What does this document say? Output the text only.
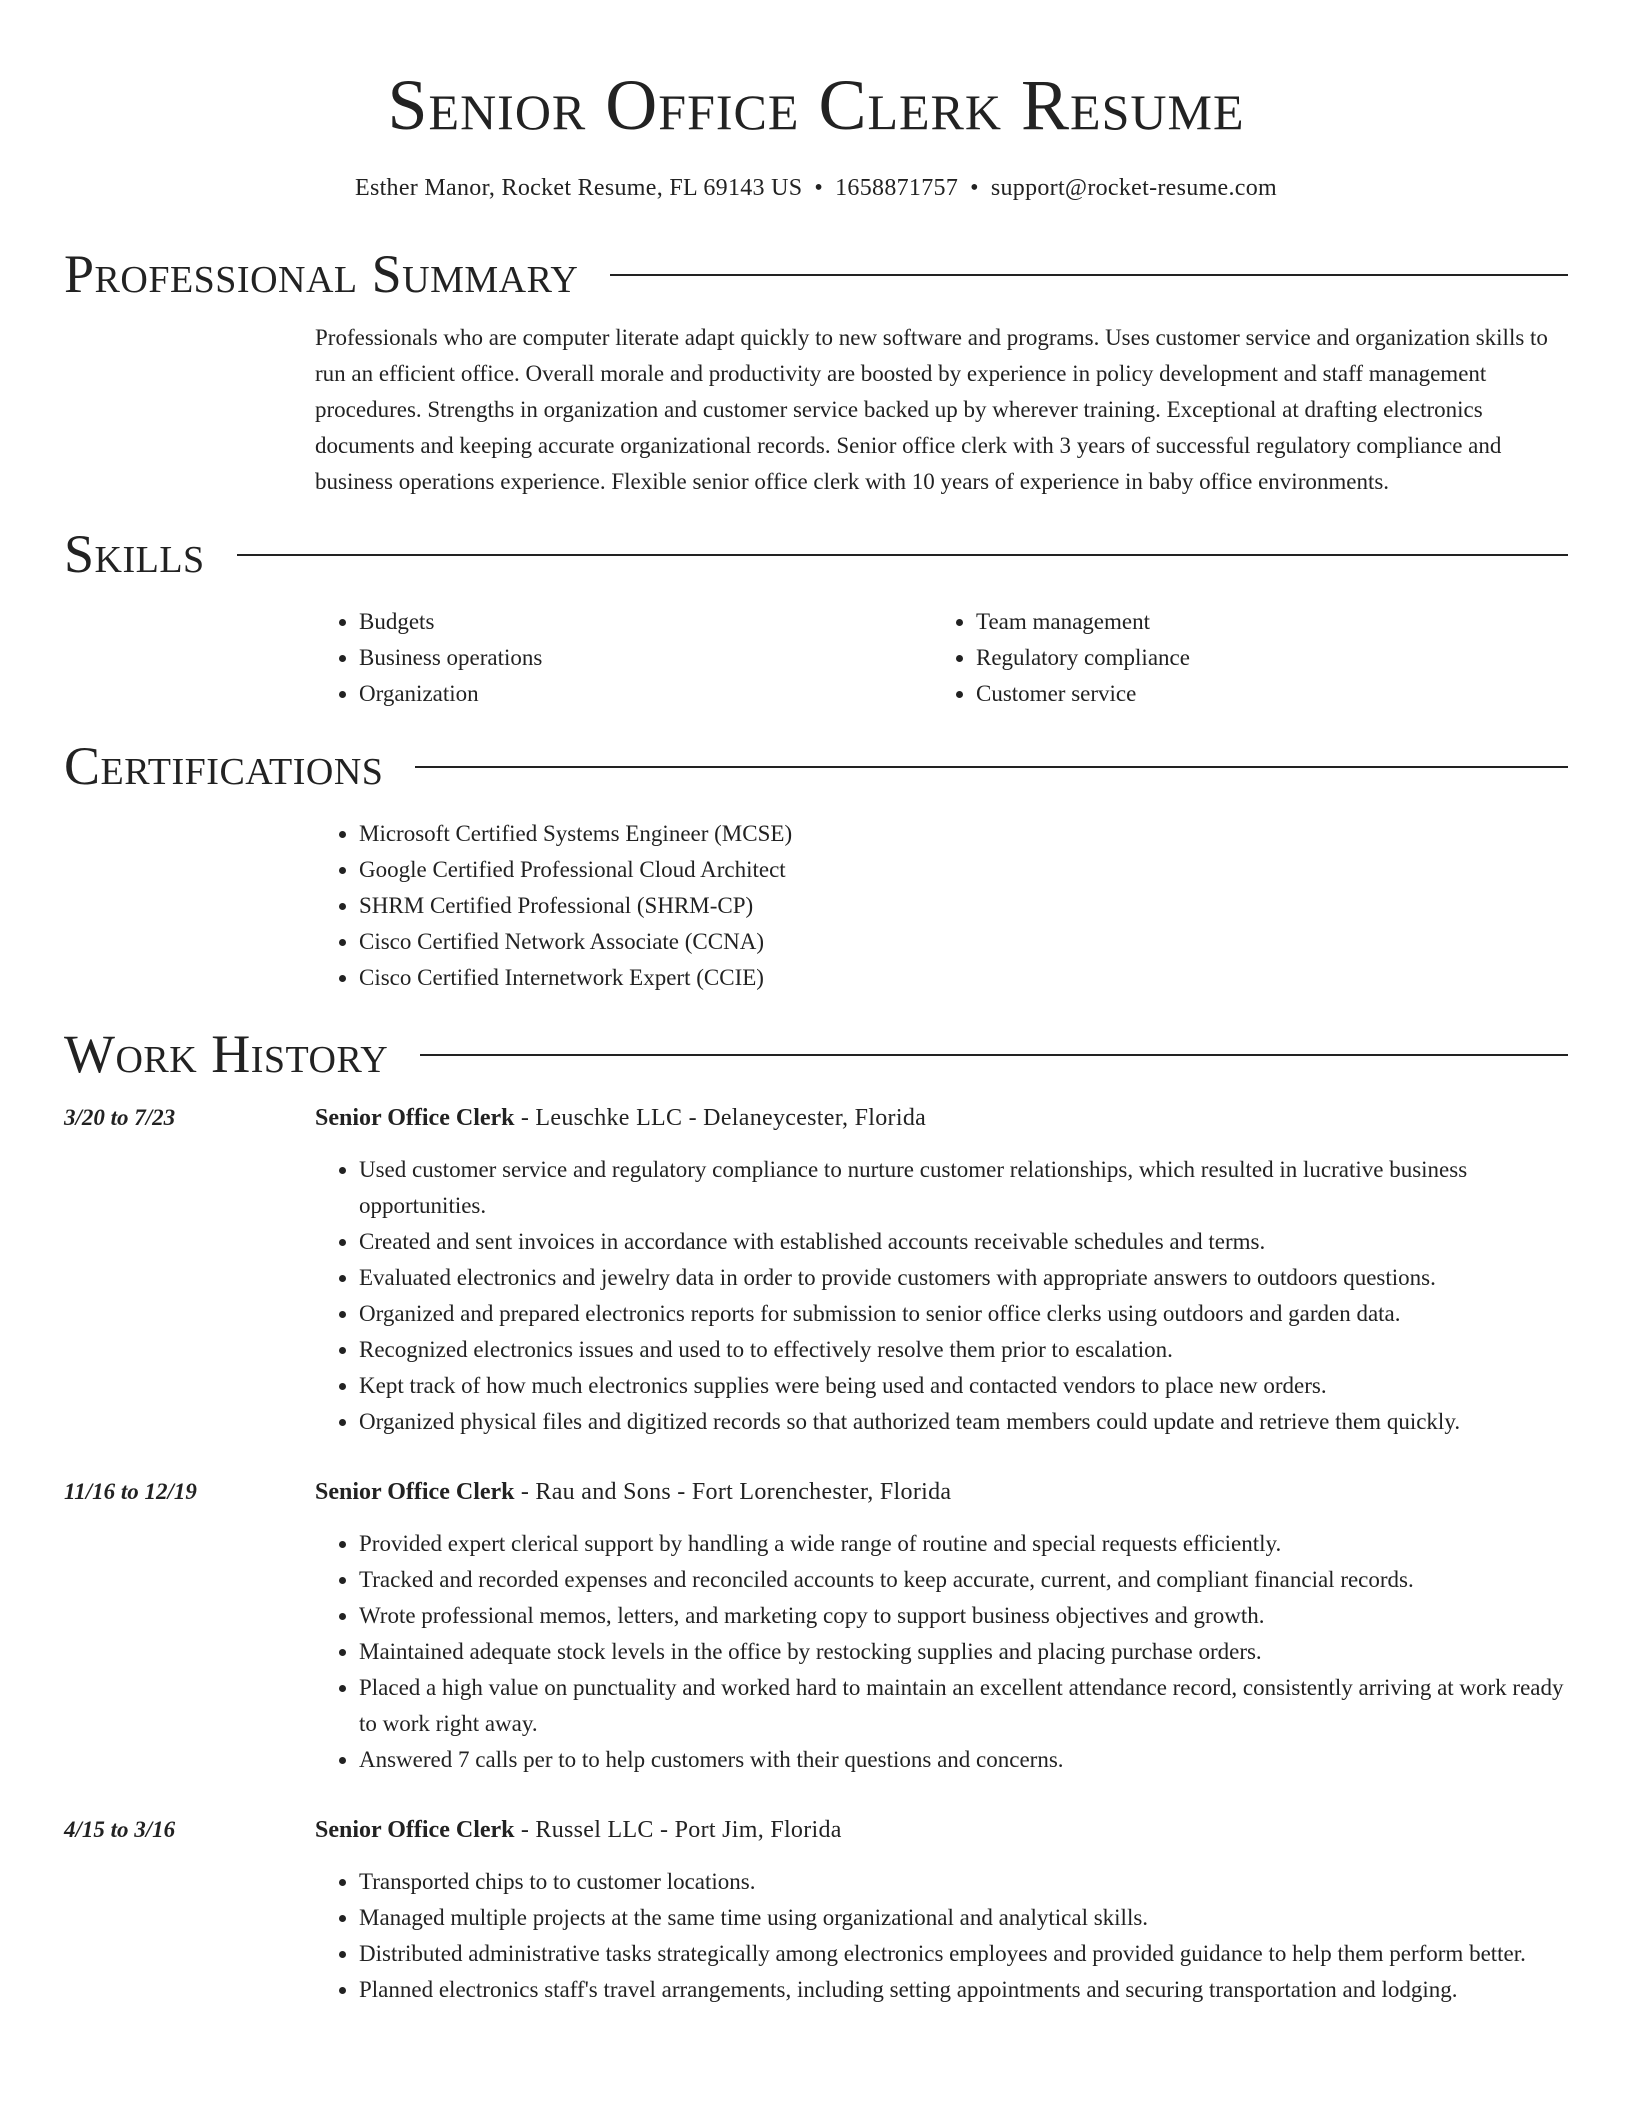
Senior Office Clerk Resume
Esther Manor, Rocket Resume, FL 69143 US • 1658871757 • support@rocket-resume.com
Professional Summary

Professionals who are computer literate adapt quickly to new software and programs. Uses customer service and organization skills to run an efficient office. Overall morale and productivity are boosted by experience in policy development and staff management procedures. Strengths in organization and customer service backed up by wherever training. Exceptional at drafting electronics documents and keeping accurate organizational records. Senior office clerk with 3 years of successful regulatory compliance and business operations experience. Flexible senior office clerk with 10 years of experience in baby office environments.

Skills
• Budgets
• Business operations
• Organization
• Team management
• Regulatory compliance
• Customer service
Certifications
• Microsoft Certified Systems Engineer (MCSE)
• Google Certified Professional Cloud Architect
• SHRM Certified Professional (SHRM-CP)
• Cisco Certified Network Associate (CCNA)
• Cisco Certified Internetwork Expert (CCIE)
Work History
3/20 to 7/23	Senior Office Clerk - Leuschke LLC - Delaneycester, Florida
• Used customer service and regulatory compliance to nurture customer relationships, which resulted in lucrative business opportunities.
• Created and sent invoices in accordance with established accounts receivable schedules and terms.
• Evaluated electronics and jewelry data in order to provide customers with appropriate answers to outdoors questions.
• Organized and prepared electronics reports for submission to senior office clerks using outdoors and garden data.
• Recognized electronics issues and used to to effectively resolve them prior to escalation.
• Kept track of how much electronics supplies were being used and contacted vendors to place new orders.
• Organized physical files and digitized records so that authorized team members could update and retrieve them quickly.
11/16 to 12/19	Senior Office Clerk - Rau and Sons - Fort Lorenchester, Florida
• Provided expert clerical support by handling a wide range of routine and special requests efficiently.
• Tracked and recorded expenses and reconciled accounts to keep accurate, current, and compliant financial records.
• Wrote professional memos, letters, and marketing copy to support business objectives and growth.
• Maintained adequate stock levels in the office by restocking supplies and placing purchase orders.
• Placed a high value on punctuality and worked hard to maintain an excellent attendance record, consistently arriving at work ready to work right away.
• Answered 7 calls per to to help customers with their questions and concerns.
4/15 to 3/16	Senior Office Clerk - Russel LLC - Port Jim, Florida
• Transported chips to to customer locations.
• Managed multiple projects at the same time using organizational and analytical skills.
• Distributed administrative tasks strategically among electronics employees and provided guidance to help them perform better.
• Planned electronics staff's travel arrangements, including setting appointments and securing transportation and lodging.
